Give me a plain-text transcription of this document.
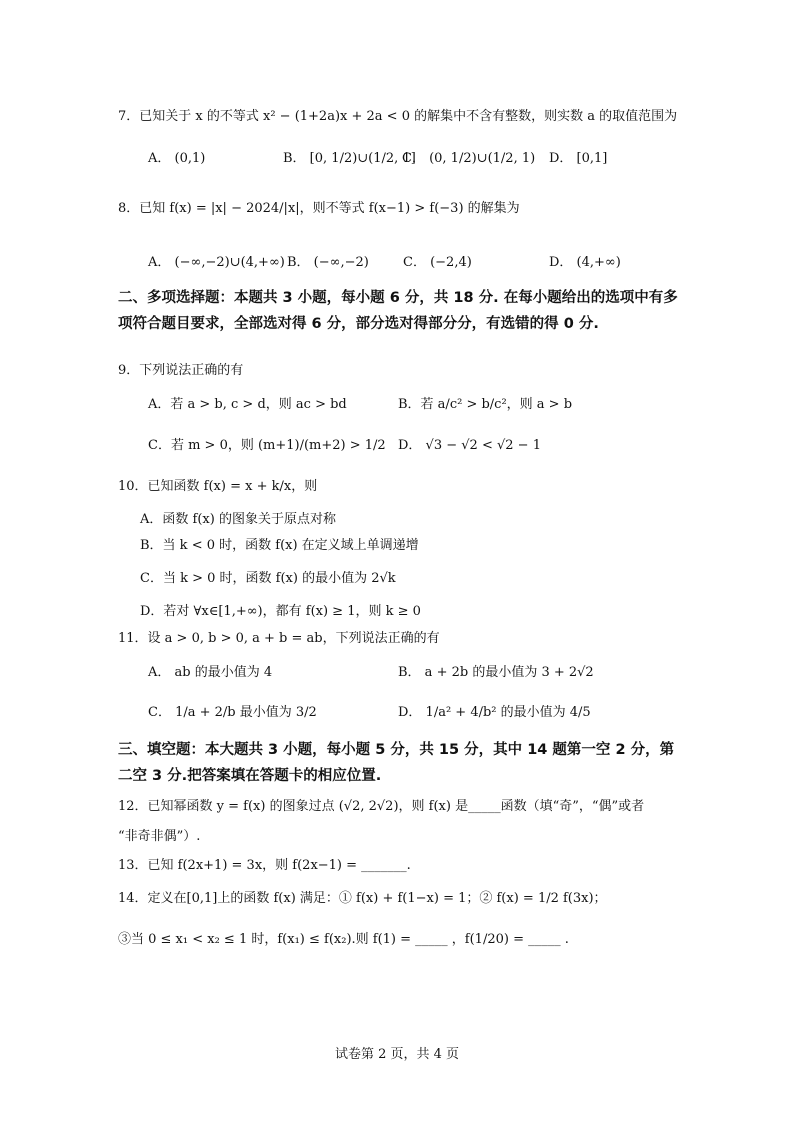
7．已知关于 x 的不等式 x² − (1+2a)x + 2a < 0 的解集中不含有整数，则实数 a 的取值范围为
A． (0,1)	B． [0, 1/2)∪(1/2, 1]
C． (0, 1/2)∪(1/2, 1) D． [0,1]
8．已知 f(x) = |x| − 2024/|x|，则不等式 f(x−1) > f(−3) 的解集为
A． (−∞,−2)∪(4,+∞) B． (−∞,−2)	C． (−2,4)	D． (4,+∞)
二、多项选择题：本题共 3 小题，每小题 6 分，共 18 分. 在每小题给出的选项中有多项符合题目要求，全部选对得 6 分，部分选对得部分分，有选错的得 0 分.
9．下列说法正确的有
A．若 a > b, c > d，则 ac > bd	B．若 a/c² > b/c²，则 a > b
C．若 m > 0，则 (m+1)/(m+2) > 1/2 D． √3 − √2 < √2 − 1
10．已知函数 f(x) = x + k/x，则
A．函数 f(x) 的图象关于原点对称
B．当 k < 0 时，函数 f(x) 在定义域上单调递增
C．当 k > 0 时，函数 f(x) 的最小值为 2√k
D．若对 ∀x∈[1,+∞)，都有 f(x) ≥ 1，则 k ≥ 0
11．设 a > 0, b > 0, a + b = ab，下列说法正确的有
A． ab 的最小值为 4	B． a + 2b 的最小值为 3 + 2√2
C． 1/a + 2/b 最小值为 3/2	D． 1/a² + 4/b² 的最小值为 4/5
三、填空题：本大题共 3 小题，每小题 5 分，共 15 分，其中 14 题第一空 2 分，第二空 3 分.把答案填在答题卡的相应位置.
12．已知幂函数 y = f(x) 的图象过点 (√2, 2√2)，则 f(x) 是_____函数（填“奇”，“偶”或者
“非奇非偶”）.
13．已知 f(2x+1) = 3x，则 f(2x−1) = _______.
14．定义在[0,1]上的函数 f(x) 满足：① f(x) + f(1−x) = 1；② f(x) = 1/2 f(3x)；
③当 0 ≤ x₁ < x₂ ≤ 1 时，f(x₁) ≤ f(x₂).则 f(1) = _____ ，f(1/20) = _____ .
试卷第 2 页，共 4 页
